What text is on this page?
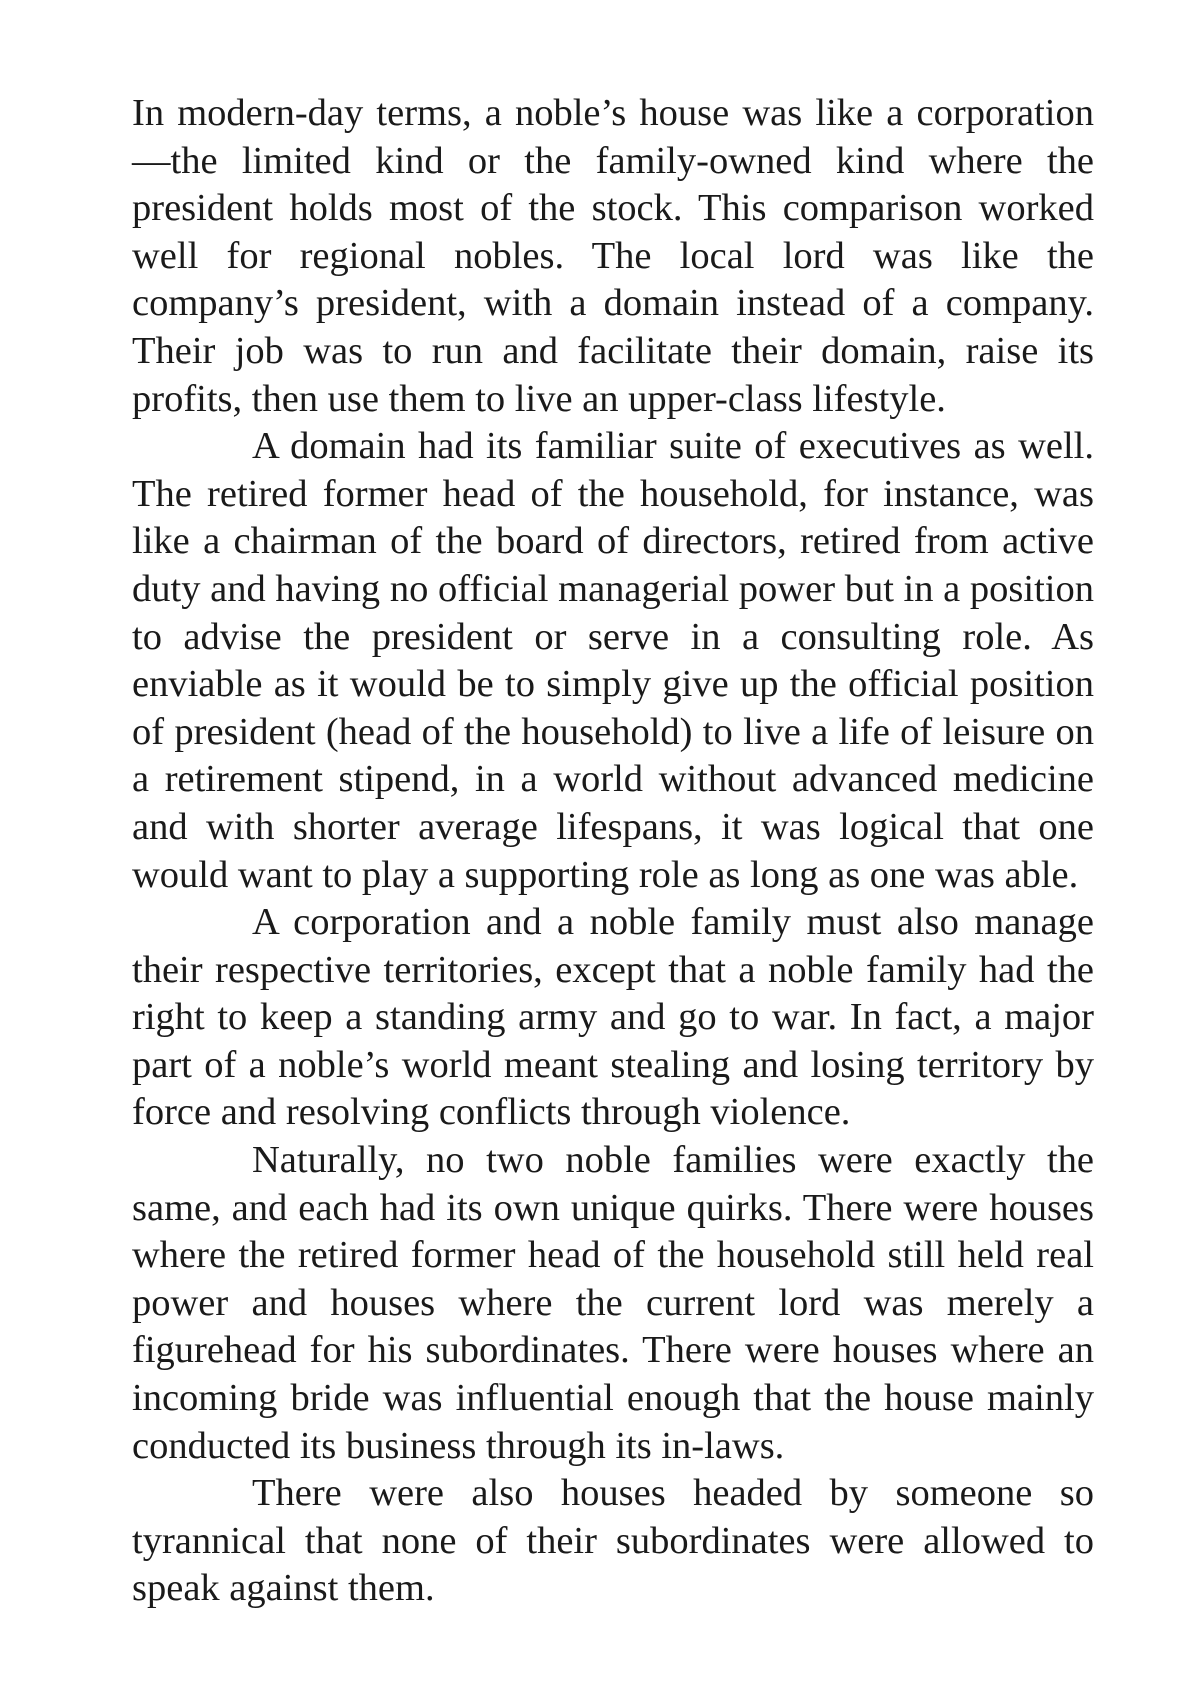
In modern-day terms, a noble’s house was like a corporation—the limited kind or the family-owned kind where the president holds most of the stock. This comparison worked well for regional nobles. The local lord was like the company’s president, with a domain instead of a company. Their job was to run and facilitate their domain, raise its profits, then use them to live an upper-class lifestyle.

A domain had its familiar suite of executives as well. The retired former head of the household, for instance, was like a chairman of the board of directors, retired from active duty and having no official managerial power but in a position to advise the president or serve in a consulting role. As enviable as it would be to simply give up the official position of president (head of the household) to live a life of leisure on a retirement stipend, in a world without advanced medicine and with shorter average lifespans, it was logical that one would want to play a supporting role as long as one was able.

A corporation and a noble family must also manage their respective territories, except that a noble family had the right to keep a standing army and go to war. In fact, a major part of a noble’s world meant stealing and losing territory by force and resolving conflicts through violence.

Naturally, no two noble families were exactly the same, and each had its own unique quirks. There were houses where the retired former head of the household still held real power and houses where the current lord was merely a figurehead for his subordinates. There were houses where an incoming bride was influential enough that the house mainly conducted its business through its in-laws.

There were also houses headed by someone so tyrannical that none of their subordinates were allowed to speak against them.
